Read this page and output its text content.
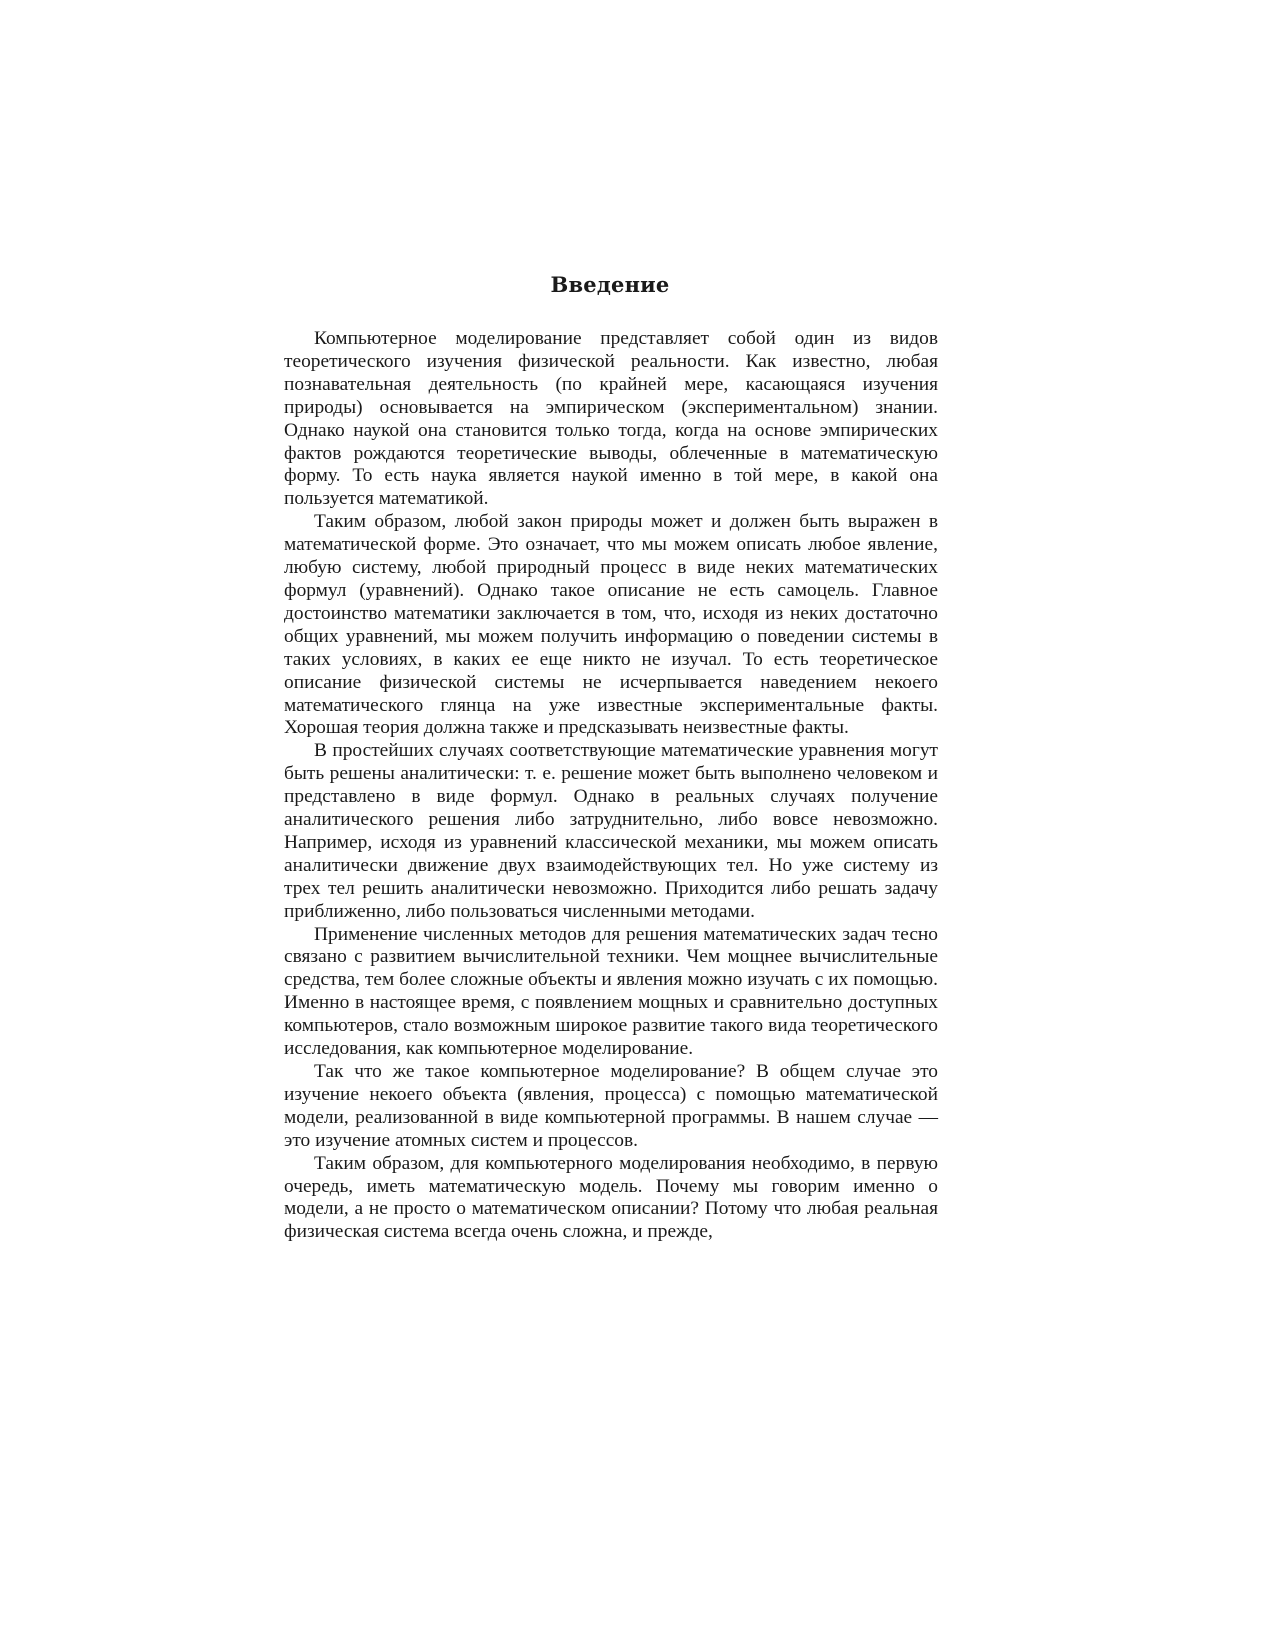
Введение

Компьютерное моделирование представляет собой один из видов теоретического изучения физической реальности. Как известно, любая познавательная деятельность (по крайней мере, касающаяся изучения природы) основывается на эмпирическом (экспериментальном) знании. Однако наукой она становится только тогда, когда на основе эмпирических фактов рождаются теоретические выводы, облеченные в математическую форму. То есть наука является наукой именно в той мере, в какой она пользуется математикой.

Таким образом, любой закон природы может и должен быть выражен в математической форме. Это означает, что мы можем описать любое явление, любую систему, любой природный процесс в виде неких математических формул (уравнений). Однако такое описание не есть самоцель. Главное достоинство математики заключается в том, что, исходя из неких достаточно общих уравнений, мы можем получить информацию о поведении системы в таких условиях, в каких ее еще никто не изучал. То есть теоретическое описание физической системы не исчерпывается наведением некоего математического глянца на уже известные экспериментальные факты. Хорошая теория должна также и предсказывать неизвестные факты.

В простейших случаях соответствующие математические уравнения могут быть решены аналитически: т. е. решение может быть выполнено человеком и представлено в виде формул. Однако в реальных случаях получение аналитического решения либо затруднительно, либо вовсе невозможно. Например, исходя из уравнений классической механики, мы можем описать аналитически движение двух взаимодействующих тел. Но уже систему из трех тел решить аналитически невозможно. Приходится либо решать задачу приближенно, либо пользоваться численными методами.

Применение численных методов для решения математических задач тесно связано с развитием вычислительной техники. Чем мощнее вычислительные средства, тем более сложные объекты и явления можно изучать с их помощью. Именно в настоящее время, с появлением мощных и сравнительно доступных компьютеров, стало возможным широкое развитие такого вида теоретического исследования, как компьютерное моделирование.

Так что же такое компьютерное моделирование? В общем случае это изучение некоего объекта (явления, процесса) с помощью математической модели, реализованной в виде компьютерной программы. В нашем случае — это изучение атомных систем и процессов.

Таким образом, для компьютерного моделирования необходимо, в первую очередь, иметь математическую модель. Почему мы говорим именно о модели, а не просто о математическом описании? Потому что любая реальная физическая система всегда очень сложна, и прежде,
